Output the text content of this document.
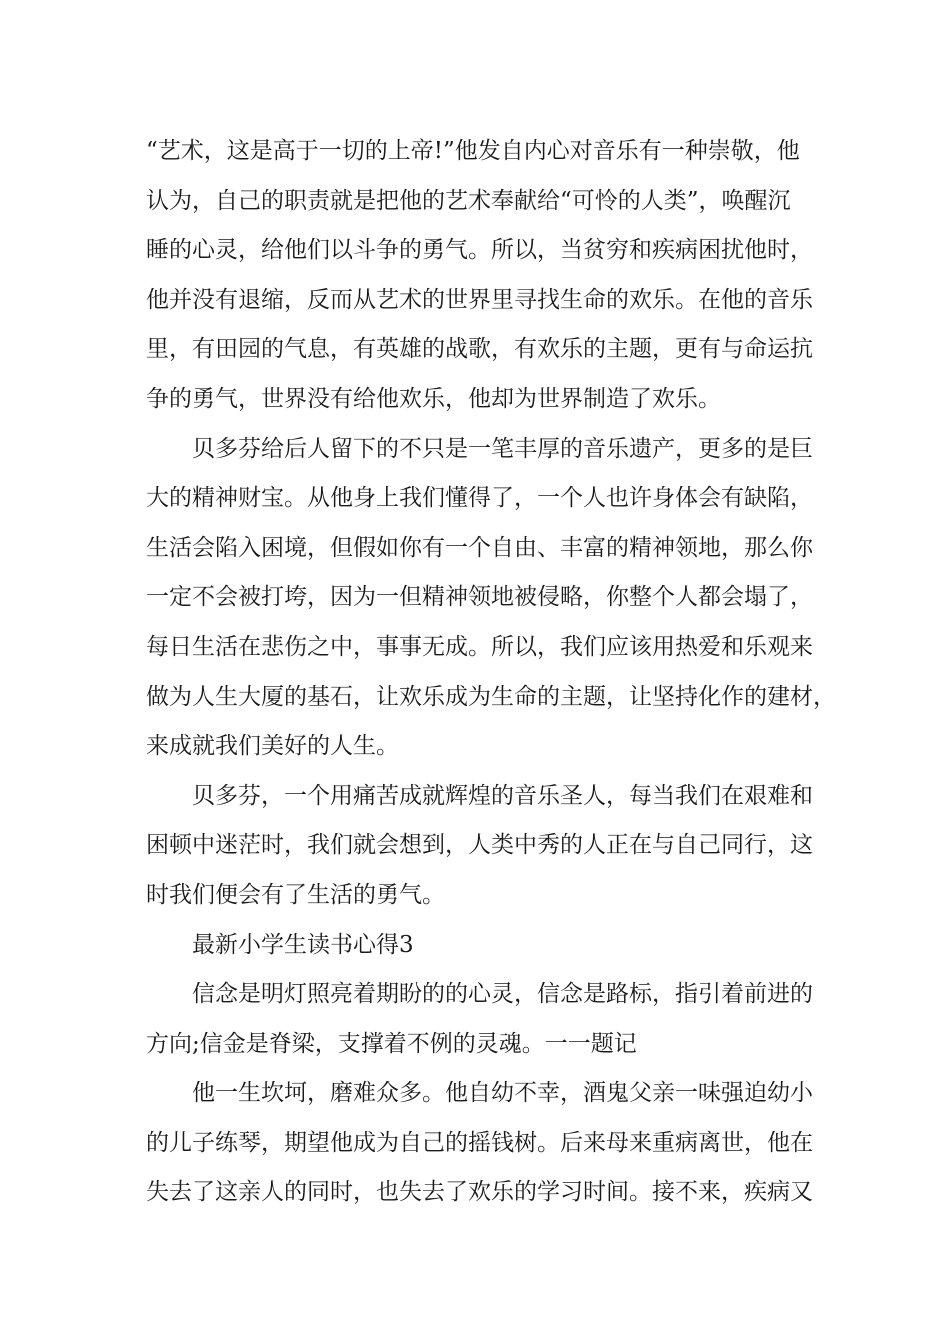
“艺术，这是高于一切的上帝!”他发自内心对音乐有一种崇敬，他
认为，自己的职责就是把他的艺术奉献给“可怜的人类”，唤醒沉
睡的心灵，给他们以斗争的勇气。所以，当贫穷和疾病困扰他时，
他并没有退缩，反而从艺术的世界里寻找生命的欢乐。在他的音乐
里，有田园的气息，有英雄的战歌，有欢乐的主题，更有与命运抗
争的勇气，世界没有给他欢乐，他却为世界制造了欢乐。
贝多芬给后人留下的不只是一笔丰厚的音乐遗产，更多的是巨
大的精神财宝。从他身上我们懂得了，一个人也许身体会有缺陷，
生活会陷入困境，但假如你有一个自由、丰富的精神领地，那么你
一定不会被打垮，因为一但精神领地被侵略，你整个人都会塌了，
每日生活在悲伤之中，事事无成。所以，我们应该用热爱和乐观来
做为人生大厦的基石，让欢乐成为生命的主题，让坚持化作的建材，
来成就我们美好的人生。
贝多芬，一个用痛苦成就辉煌的音乐圣人，每当我们在艰难和
困顿中迷茫时，我们就会想到，人类中秀的人正在与自己同行，这
时我们便会有了生活的勇气。
最新小学生读书心得3
信念是明灯照亮着期盼的的心灵，信念是路标，指引着前进的
方向;信金是脊梁，支撑着不例的灵魂。一一题记
他一生坎坷，磨难众多。他自幼不幸，酒鬼父亲一味强迫幼小
的儿子练琴，期望他成为自己的摇钱树。后来母来重病离世，他在
失去了这亲人的同时，也失去了欢乐的学习时间。接不来，疾病又
